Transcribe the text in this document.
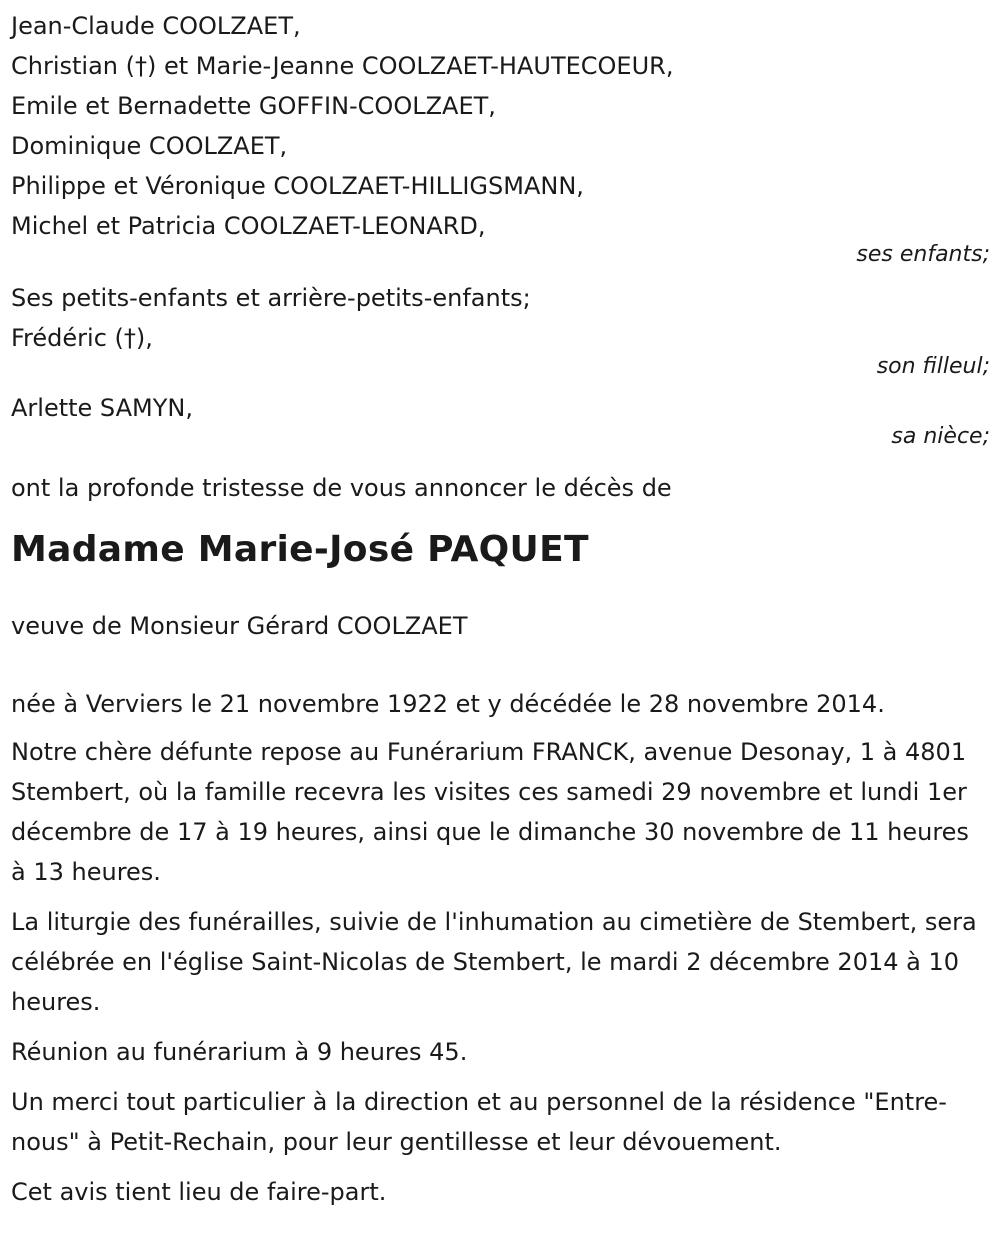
Jean-Claude COOLZAET,
Christian (†) et Marie-Jeanne COOLZAET-HAUTECOEUR,
Emile et Bernadette GOFFIN-COOLZAET,
Dominique COOLZAET,
Philippe et Véronique COOLZAET-HILLIGSMANN,
Michel et Patricia COOLZAET-LEONARD,
ses enfants;
Ses petits-enfants et arrière-petits-enfants;
Frédéric (†),
son filleul;
Arlette SAMYN,
sa nièce;
ont la profonde tristesse de vous annoncer le décès de
Madame Marie-José PAQUET
veuve de Monsieur Gérard COOLZAET

née à Verviers le 21 novembre 1922 et y décédée le 28 novembre 2014.

Notre chère défunte repose au Funérarium FRANCK, avenue Desonay, 1 à 4801 Stembert, où la famille recevra les visites ces samedi 29 novembre et lundi 1er décembre de 17 à 19 heures, ainsi que le dimanche 30 novembre de 11 heures à 13 heures.

La liturgie des funérailles, suivie de l'inhumation au cimetière de Stembert, sera célébrée en l'église Saint-Nicolas de Stembert, le mardi 2 décembre 2014 à 10 heures.

Réunion au funérarium à 9 heures 45.

Un merci tout particulier à la direction et au personnel de la résidence "Entre-nous" à Petit-Rechain, pour leur gentillesse et leur dévouement.

Cet avis tient lieu de faire-part.
